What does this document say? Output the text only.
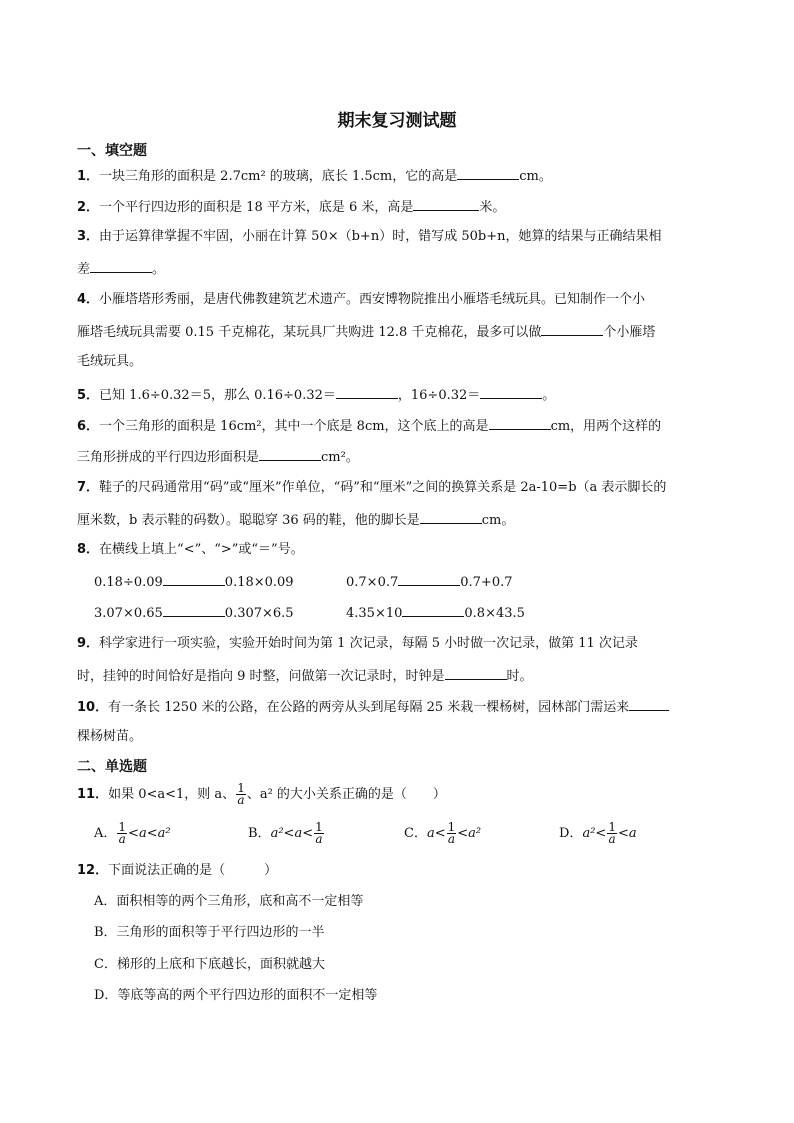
期末复习测试题
一、填空题
1．一块三角形的面积是 2.7cm² 的玻璃，底长 1.5cm，它的高是	cm。
2．一个平行四边形的面积是 18 平方米，底是 6 米，高是	米。
3．由于运算律掌握不牢固，小丽在计算 50×（b+n）时，错写成 50b+n，她算的结果与正确结果相
差	。
4．小雁塔塔形秀丽，是唐代佛教建筑艺术遗产。西安博物院推出小雁塔毛绒玩具。已知制作一个小
雁塔毛绒玩具需要 0.15 千克棉花，某玩具厂共购进 12.8 千克棉花，最多可以做	个小雁塔
毛绒玩具。
5．已知 1.6÷0.32＝5，那么 0.16÷0.32＝	，16÷0.32＝	。
6．一个三角形的面积是 16cm²，其中一个底是 8cm，这个底上的高是	cm，用两个这样的
三角形拼成的平行四边形面积是	cm²。
7．鞋子的尺码通常用“码”或“厘米”作单位，“码”和“厘米”之间的换算关系是 2a-10=b（a 表示脚长的
厘米数，b 表示鞋的码数）。聪聪穿 36 码的鞋，他的脚长是	cm。
8．在横线上填上“<”、“>”或“＝”号。
0.18÷0.09	0.18×0.09	0.7×0.7	0.7+0.7
3.07×0.65	0.307×6.5	4.35×10	0.8×43.5
9．科学家进行一项实验，实验开始时间为第 1 次记录，每隔 5 小时做一次记录，做第 11 次记录
时，挂钟的时间恰好是指向 9 时整，问做第一次记录时，时钟是	时。
10．有一条长 1250 米的公路，在公路的两旁从头到尾每隔 25 米栽一棵杨树，园林部门需运来
棵杨树苗。
二、单选题
11．如果 0<a<1，则 a、 $\frac{1}{a}$ 、a² 的大小关系正确的是（　　）
A． $\frac{1}{a} <a<a^2$	B．$a^2<a< \frac{1}{a}$	C．$a< \frac{1}{a} <a^2$	D．$a^2< \frac{1}{a} <a$
12．下面说法正确的是（　　　）
A．面积相等的两个三角形，底和高不一定相等
B．三角形的面积等于平行四边形的一半
C．梯形的上底和下底越长，面积就越大
D．等底等高的两个平行四边形的面积不一定相等
